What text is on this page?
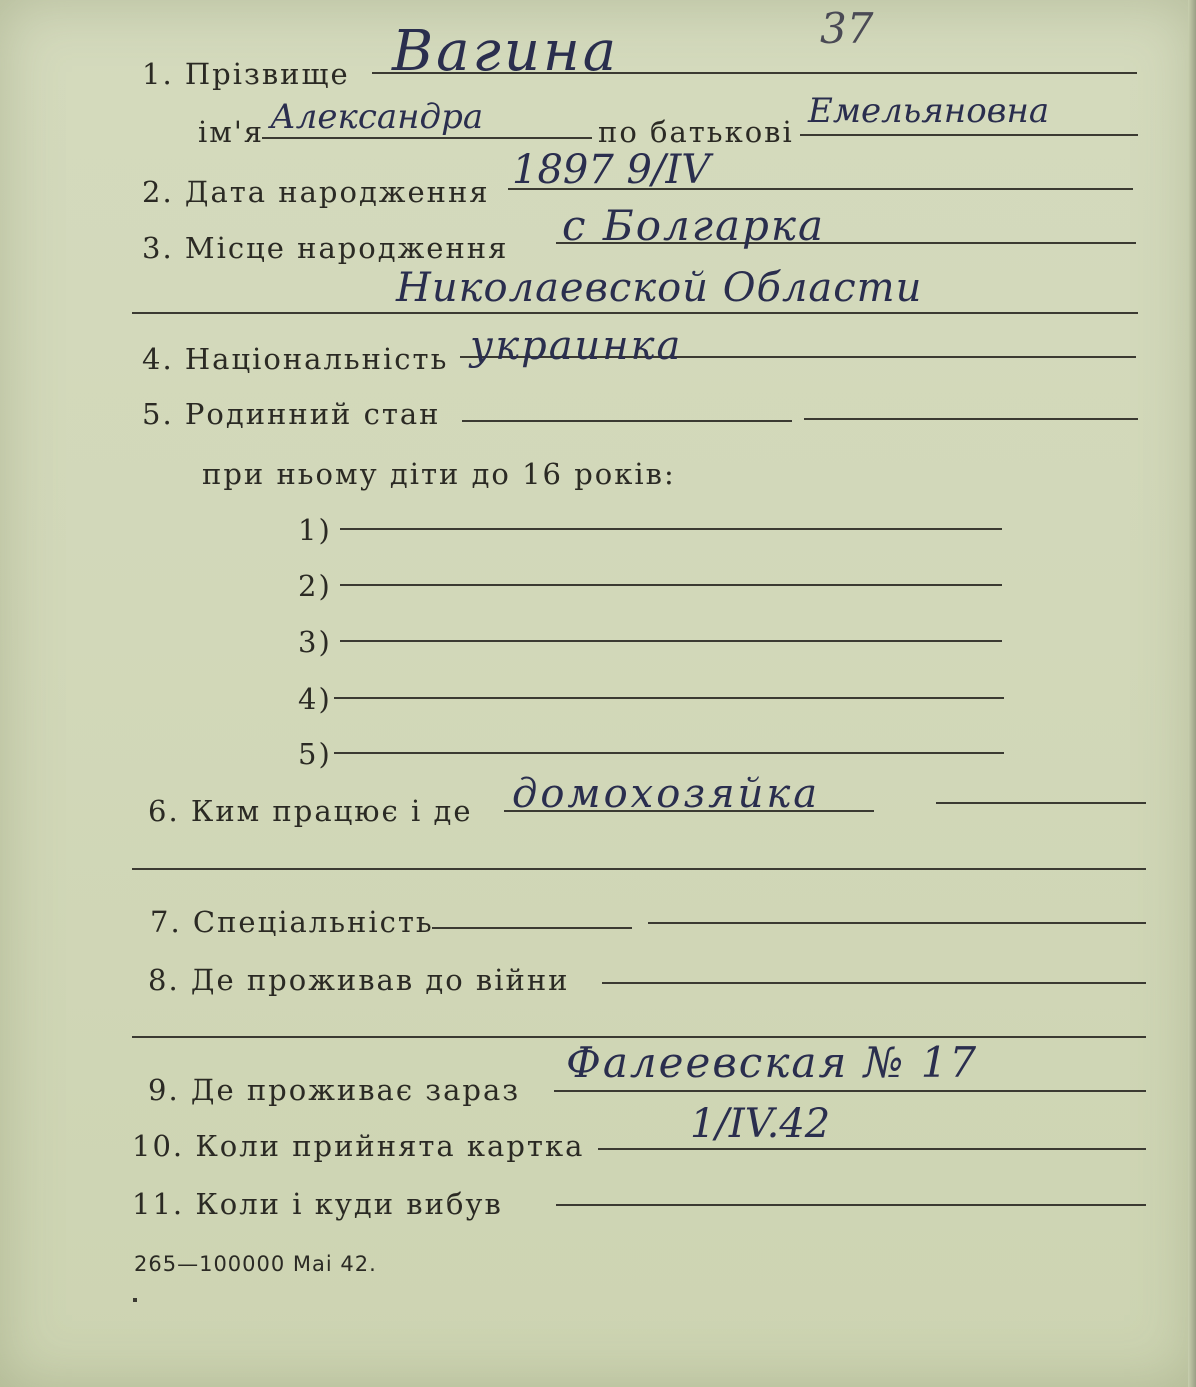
1. Прізвище
ім'я	по батькові
2. Дата народження
3. Місце народження
4. Національність
5. Родинний стан
при ньому діти до 16 років:
1)
2)
3)
4)
5)
6. Ким працює і де
7. Спеціальність
8. Де проживав до війни
9. Де проживає зараз
10. Коли прийнята картка
11. Коли і куди вибув
265—100000 Mai 42.
37
Вагина
Александра	Емельяновна
1897 9/IV
с Болгарка
Николаевской Области
украинка
домохозяйка
Фалеевская № 17
1/IV.42
